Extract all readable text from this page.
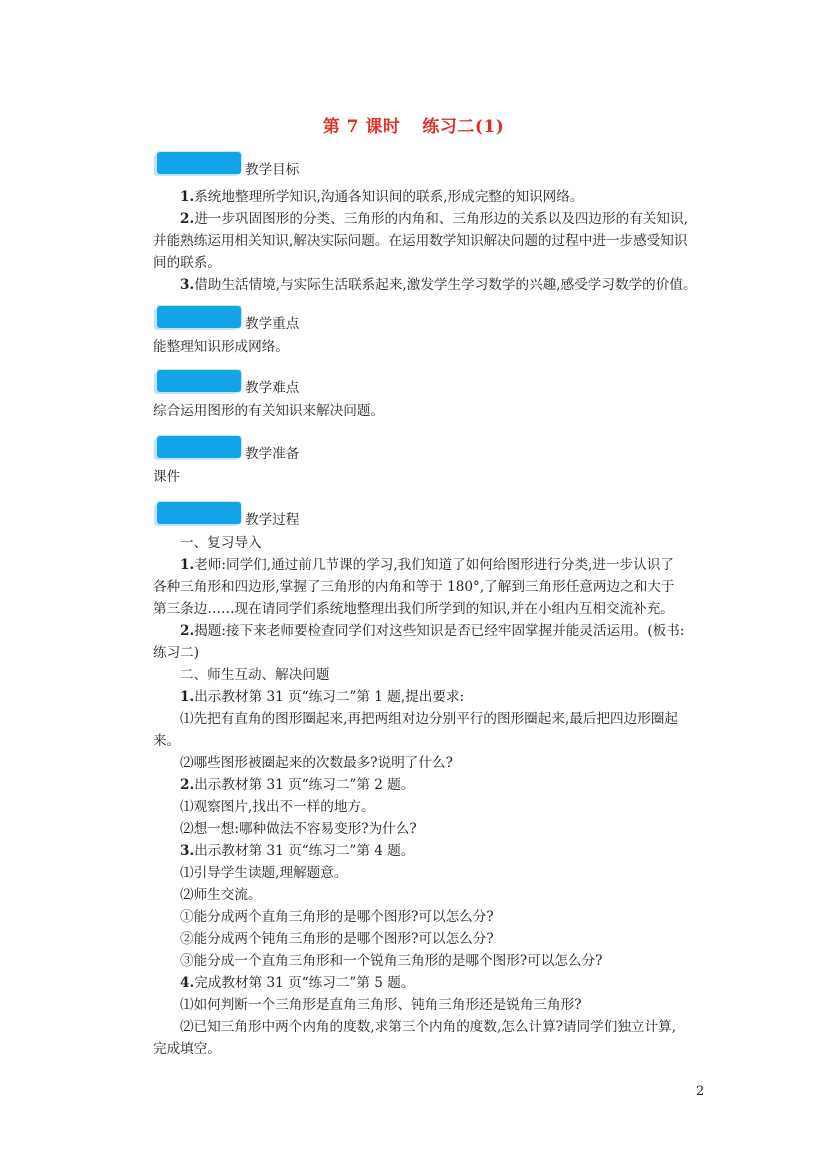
第 7 课时 练习二(1)
教学目标
1.系统地整理所学知识,沟通各知识间的联系,形成完整的知识网络。
2.进一步巩固图形的分类、三角形的内角和、三角形边的关系以及四边形的有关知识,
并能熟练运用相关知识,解决实际问题。在运用数学知识解决问题的过程中进一步感受知识
间的联系。
3.借助生活情境,与实际生活联系起来,激发学生学习数学的兴趣,感受学习数学的价值。
教学重点
能整理知识形成网络。
教学难点
综合运用图形的有关知识来解决问题。
教学准备
课件
教学过程
一、复习导入
1.老师:同学们,通过前几节课的学习,我们知道了如何给图形进行分类,进一步认识了
各种三角形和四边形,掌握了三角形的内角和等于 180°,了解到三角形任意两边之和大于
第三条边……现在请同学们系统地整理出我们所学到的知识,并在小组内互相交流补充。
2.揭题:接下来老师要检查同学们对这些知识是否已经牢固掌握并能灵活运用。(板书:
练习二)
二、师生互动、解决问题
1.出示教材第 31 页“练习二”第 1 题,提出要求:
⑴先把有直角的图形圈起来,再把两组对边分别平行的图形圈起来,最后把四边形圈起
来。
⑵哪些图形被圈起来的次数最多?说明了什么?
2.出示教材第 31 页“练习二”第 2 题。
⑴观察图片,找出不一样的地方。
⑵想一想:哪种做法不容易变形?为什么?
3.出示教材第 31 页“练习二”第 4 题。
⑴引导学生读题,理解题意。
⑵师生交流。
①能分成两个直角三角形的是哪个图形?可以怎么分?
②能分成两个钝角三角形的是哪个图形?可以怎么分?
③能分成一个直角三角形和一个锐角三角形的是哪个图形?可以怎么分?
4.完成教材第 31 页“练习二”第 5 题。
⑴如何判断一个三角形是直角三角形、钝角三角形还是锐角三角形?
⑵已知三角形中两个内角的度数,求第三个内角的度数,怎么计算?请同学们独立计算,
完成填空。
2
